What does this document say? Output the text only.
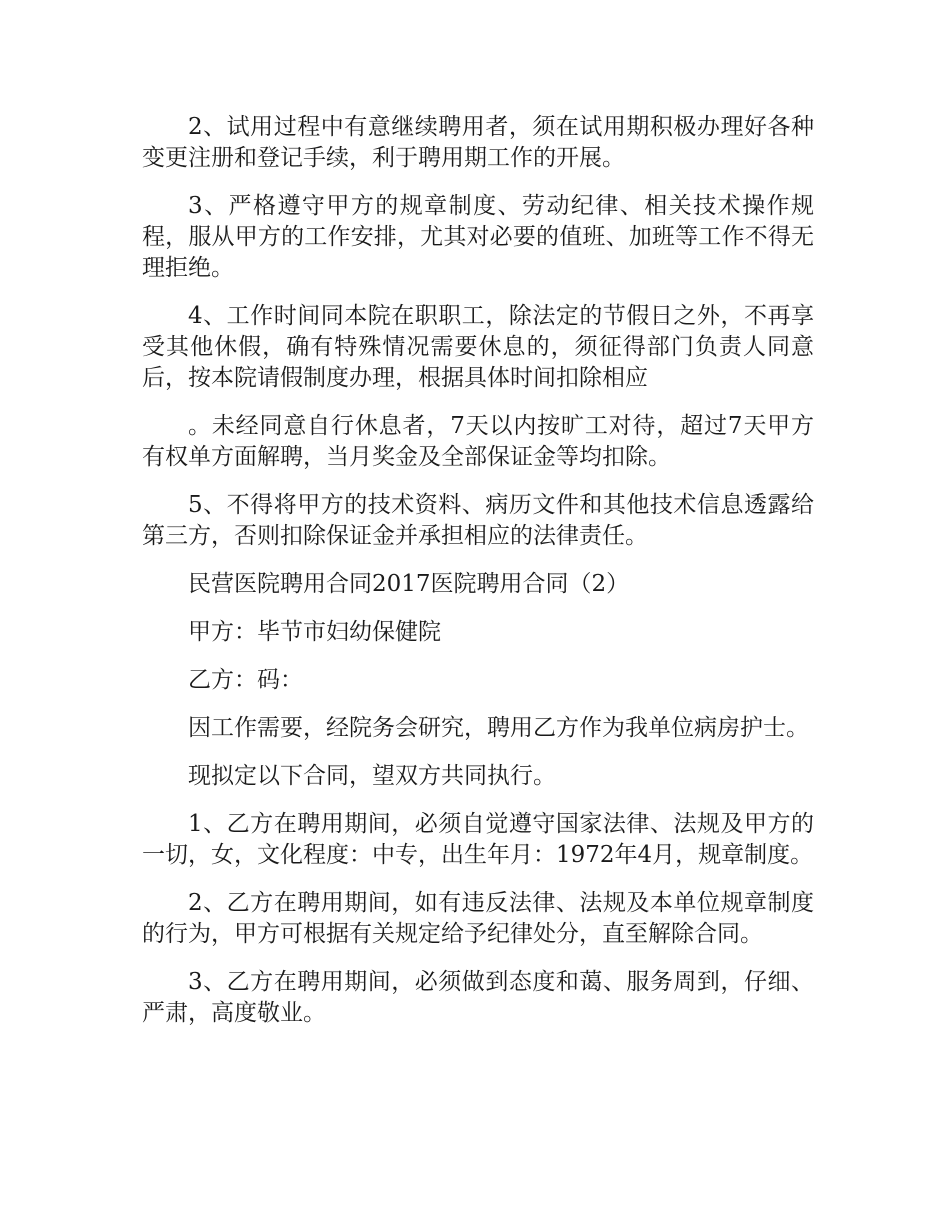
2、试用过程中有意继续聘用者，须在试用期积极办理好各种变更注册和登记手续，利于聘用期工作的开展。

3、严格遵守甲方的规章制度、劳动纪律、相关技术操作规程，服从甲方的工作安排，尤其对必要的值班、加班等工作不得无理拒绝。

4、工作时间同本院在职职工，除法定的节假日之外，不再享受其他休假，确有特殊情况需要休息的，须征得部门负责人同意后，按本院请假制度办理，根据具体时间扣除相应

。未经同意自行休息者，7天以内按旷工对待，超过7天甲方有权单方面解聘，当月奖金及全部保证金等均扣除。

5、不得将甲方的技术资料、病历文件和其他技术信息透露给第三方，否则扣除保证金并承担相应的法律责任。

民营医院聘用合同2017医院聘用合同（2）

甲方：毕节市妇幼保健院

乙方：码：

因工作需要，经院务会研究，聘用乙方作为我单位病房护士。

现拟定以下合同，望双方共同执行。

1、乙方在聘用期间，必须自觉遵守国家法律、法规及甲方的一切，女，文化程度：中专，出生年月：1972年4月，规章制度。

2、乙方在聘用期间，如有违反法律、法规及本单位规章制度的行为，甲方可根据有关规定给予纪律处分，直至解除合同。

3、乙方在聘用期间，必须做到态度和蔼、服务周到，仔细、严肃，高度敬业。
